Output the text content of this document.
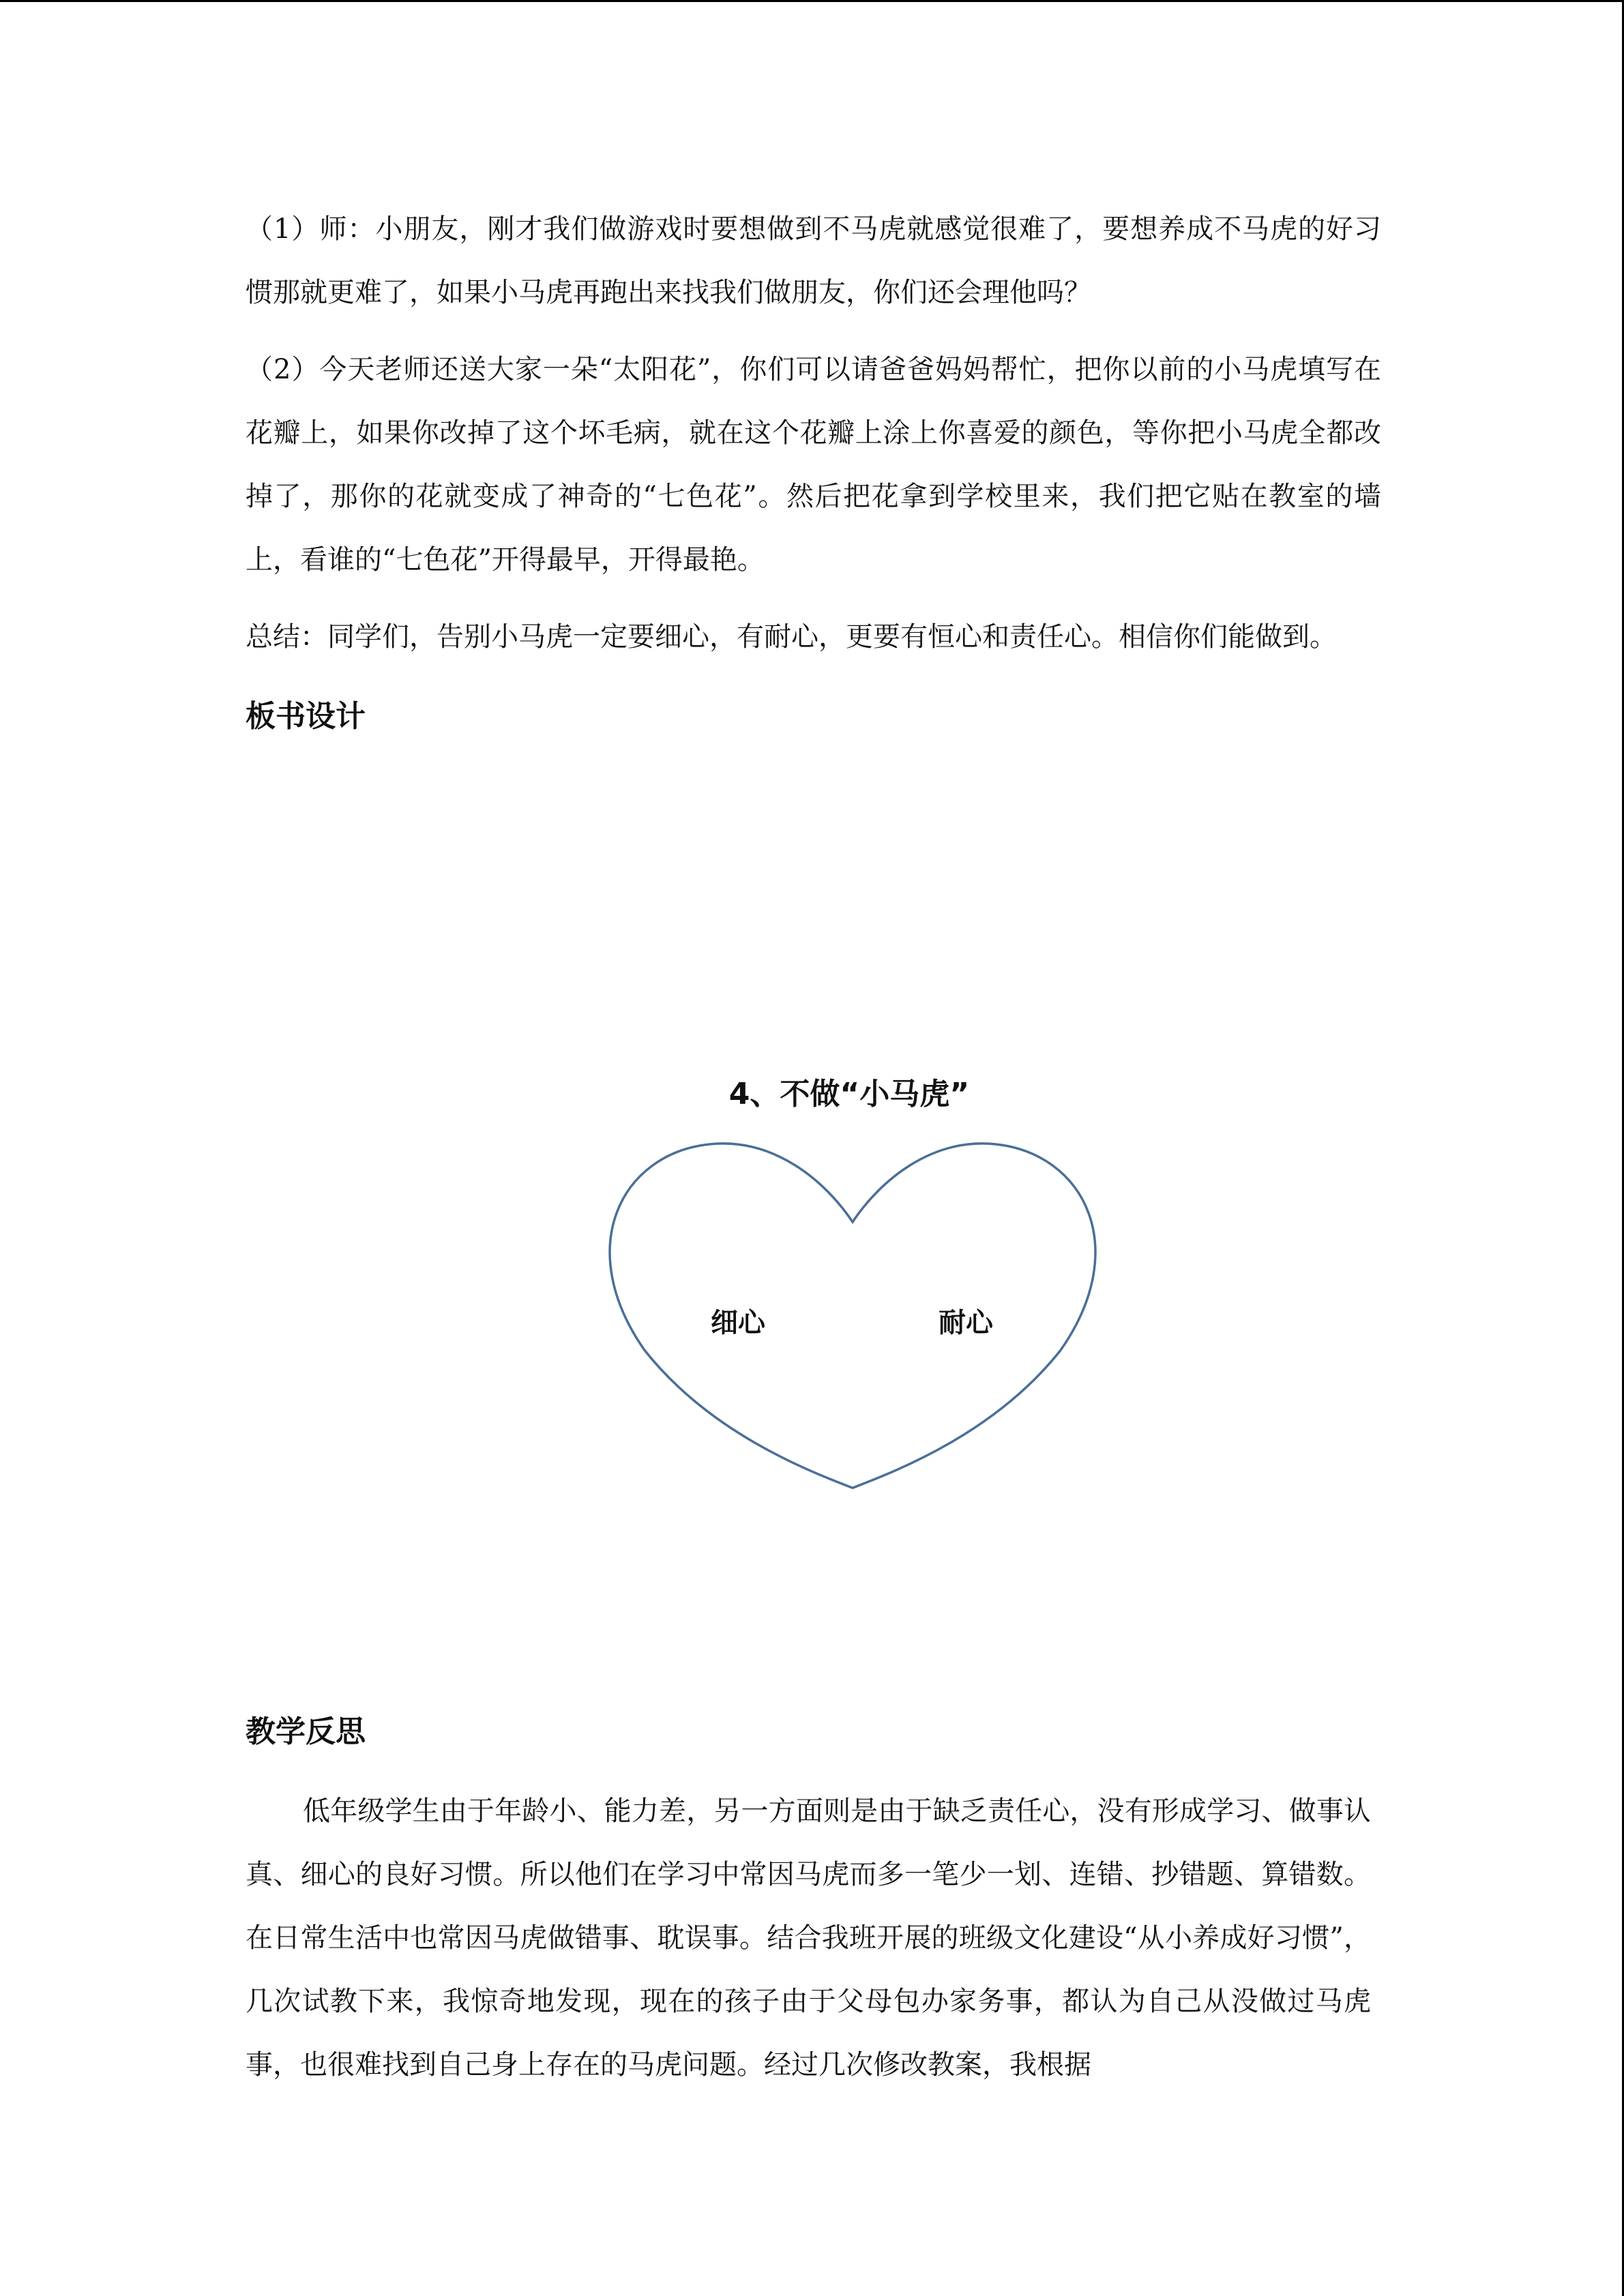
（1）师：小朋友，刚才我们做游戏时要想做到不马虎就感觉很难了，要想养成不马虎的好习惯那就更难了，如果小马虎再跑出来找我们做朋友，你们还会理他吗？

（2）今天老师还送大家一朵“太阳花”，你们可以请爸爸妈妈帮忙，把你以前的小马虎填写在花瓣上，如果你改掉了这个坏毛病，就在这个花瓣上涂上你喜爱的颜色，等你把小马虎全都改掉了，那你的花就变成了神奇的“七色花”。然后把花拿到学校里来，我们把它贴在教室的墙上，看谁的“七色花”开得最早，开得最艳。

总结：同学们，告别小马虎一定要细心，有耐心，更要有恒心和责任心。相信你们能做到。

板书设计
4、不做“小马虎”
细心	耐心
教学反思

低年级学生由于年龄小、能力差，另一方面则是由于缺乏责任心，没有形成学习、做事认真、细心的良好习惯。所以他们在学习中常因马虎而多一笔少一划、连错、抄错题、算错数。在日常生活中也常因马虎做错事、耽误事。结合我班开展的班级文化建设“从小养成好习惯”，几次试教下来，我惊奇地发现，现在的孩子由于父母包办家务事，都认为自己从没做过马虎事，也很难找到自己身上存在的马虎问题。经过几次修改教案，我根据
